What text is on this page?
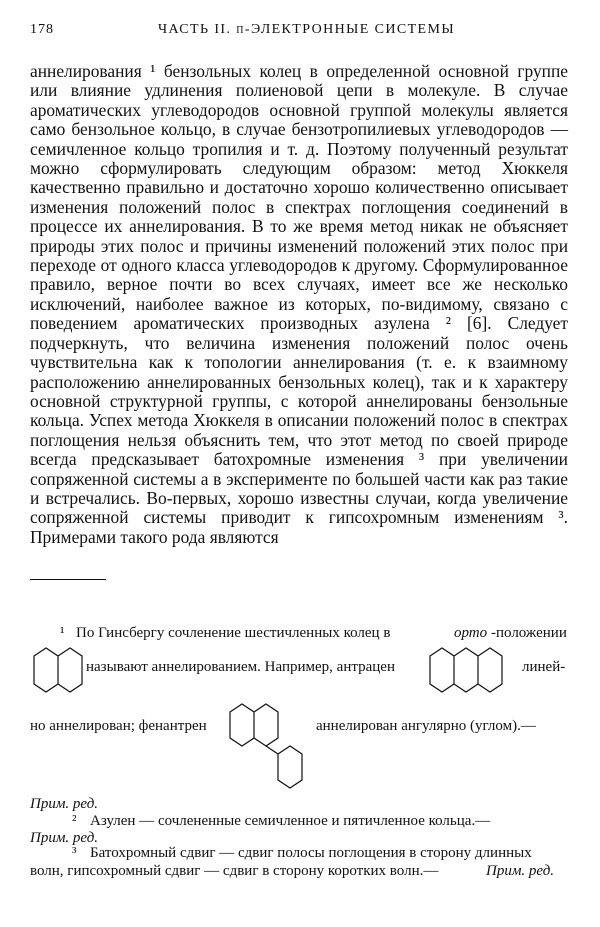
178	ЧАСТЬ II. π-ЭЛЕКТРОННЫЕ СИСТЕМЫ

аннелирования ¹ бензольных колец в определенной основной группе или влияние удлинения полиеновой цепи в молекуле. В случае ароматических углеводородов основной группой молекулы является само бензольное кольцо, в случае бензотропилиевых углеводородов — семичленное кольцо тропилия и т. д. Поэтому полученный результат можно сформулировать следующим образом: метод Хюккеля качественно правильно и достаточно хорошо количественно описывает изменения положений полос в спектрах поглощения соединений в процессе их аннелирования. В то же время метод никак не объясняет природы этих полос и причины изменений положений этих полос при переходе от одного класса углеводородов к другому. Сформулированное правило, верное почти во всех случаях, имеет все же несколько исключений, наиболее важное из которых, по-видимому, связано с поведением ароматических производных азулена ² [6]. Следует подчеркнуть, что величина изменения положений полос очень чувствительна как к топологии аннелирования (т. е. к взаимному расположению аннелированных бензольных колец), так и к характеру основной структурной группы, с которой аннелированы бензольные кольца. Успех метода Хюккеля в описании положений полос в спектрах поглощения нельзя объяснить тем, что этот метод по своей природе всегда предсказывает батохромные изменения ³ при увеличении сопряженной системы а в эксперименте по большей части как раз такие и встречались. Во-первых, хорошо известны случаи, когда увеличение сопряженной системы приводит к гипсохромным изменениям ³. Примерами такого рода являются

¹ По Гинсбергу сочленение шестичленных колец в	орто -положении
называют аннелированием. Например, антрацен	линей-
но аннелирован; фенантрен	аннелирован ангулярно (углом).—
Прим. ред.
² Азулен — сочлененные семичленное и пятичленное кольца.—
Прим. ред.
³ Батохромный сдвиг — сдвиг полосы поглощения в сторону длинных
волн, гипсохромный сдвиг — сдвиг в сторону коротких волн.—	Прим. ред.
